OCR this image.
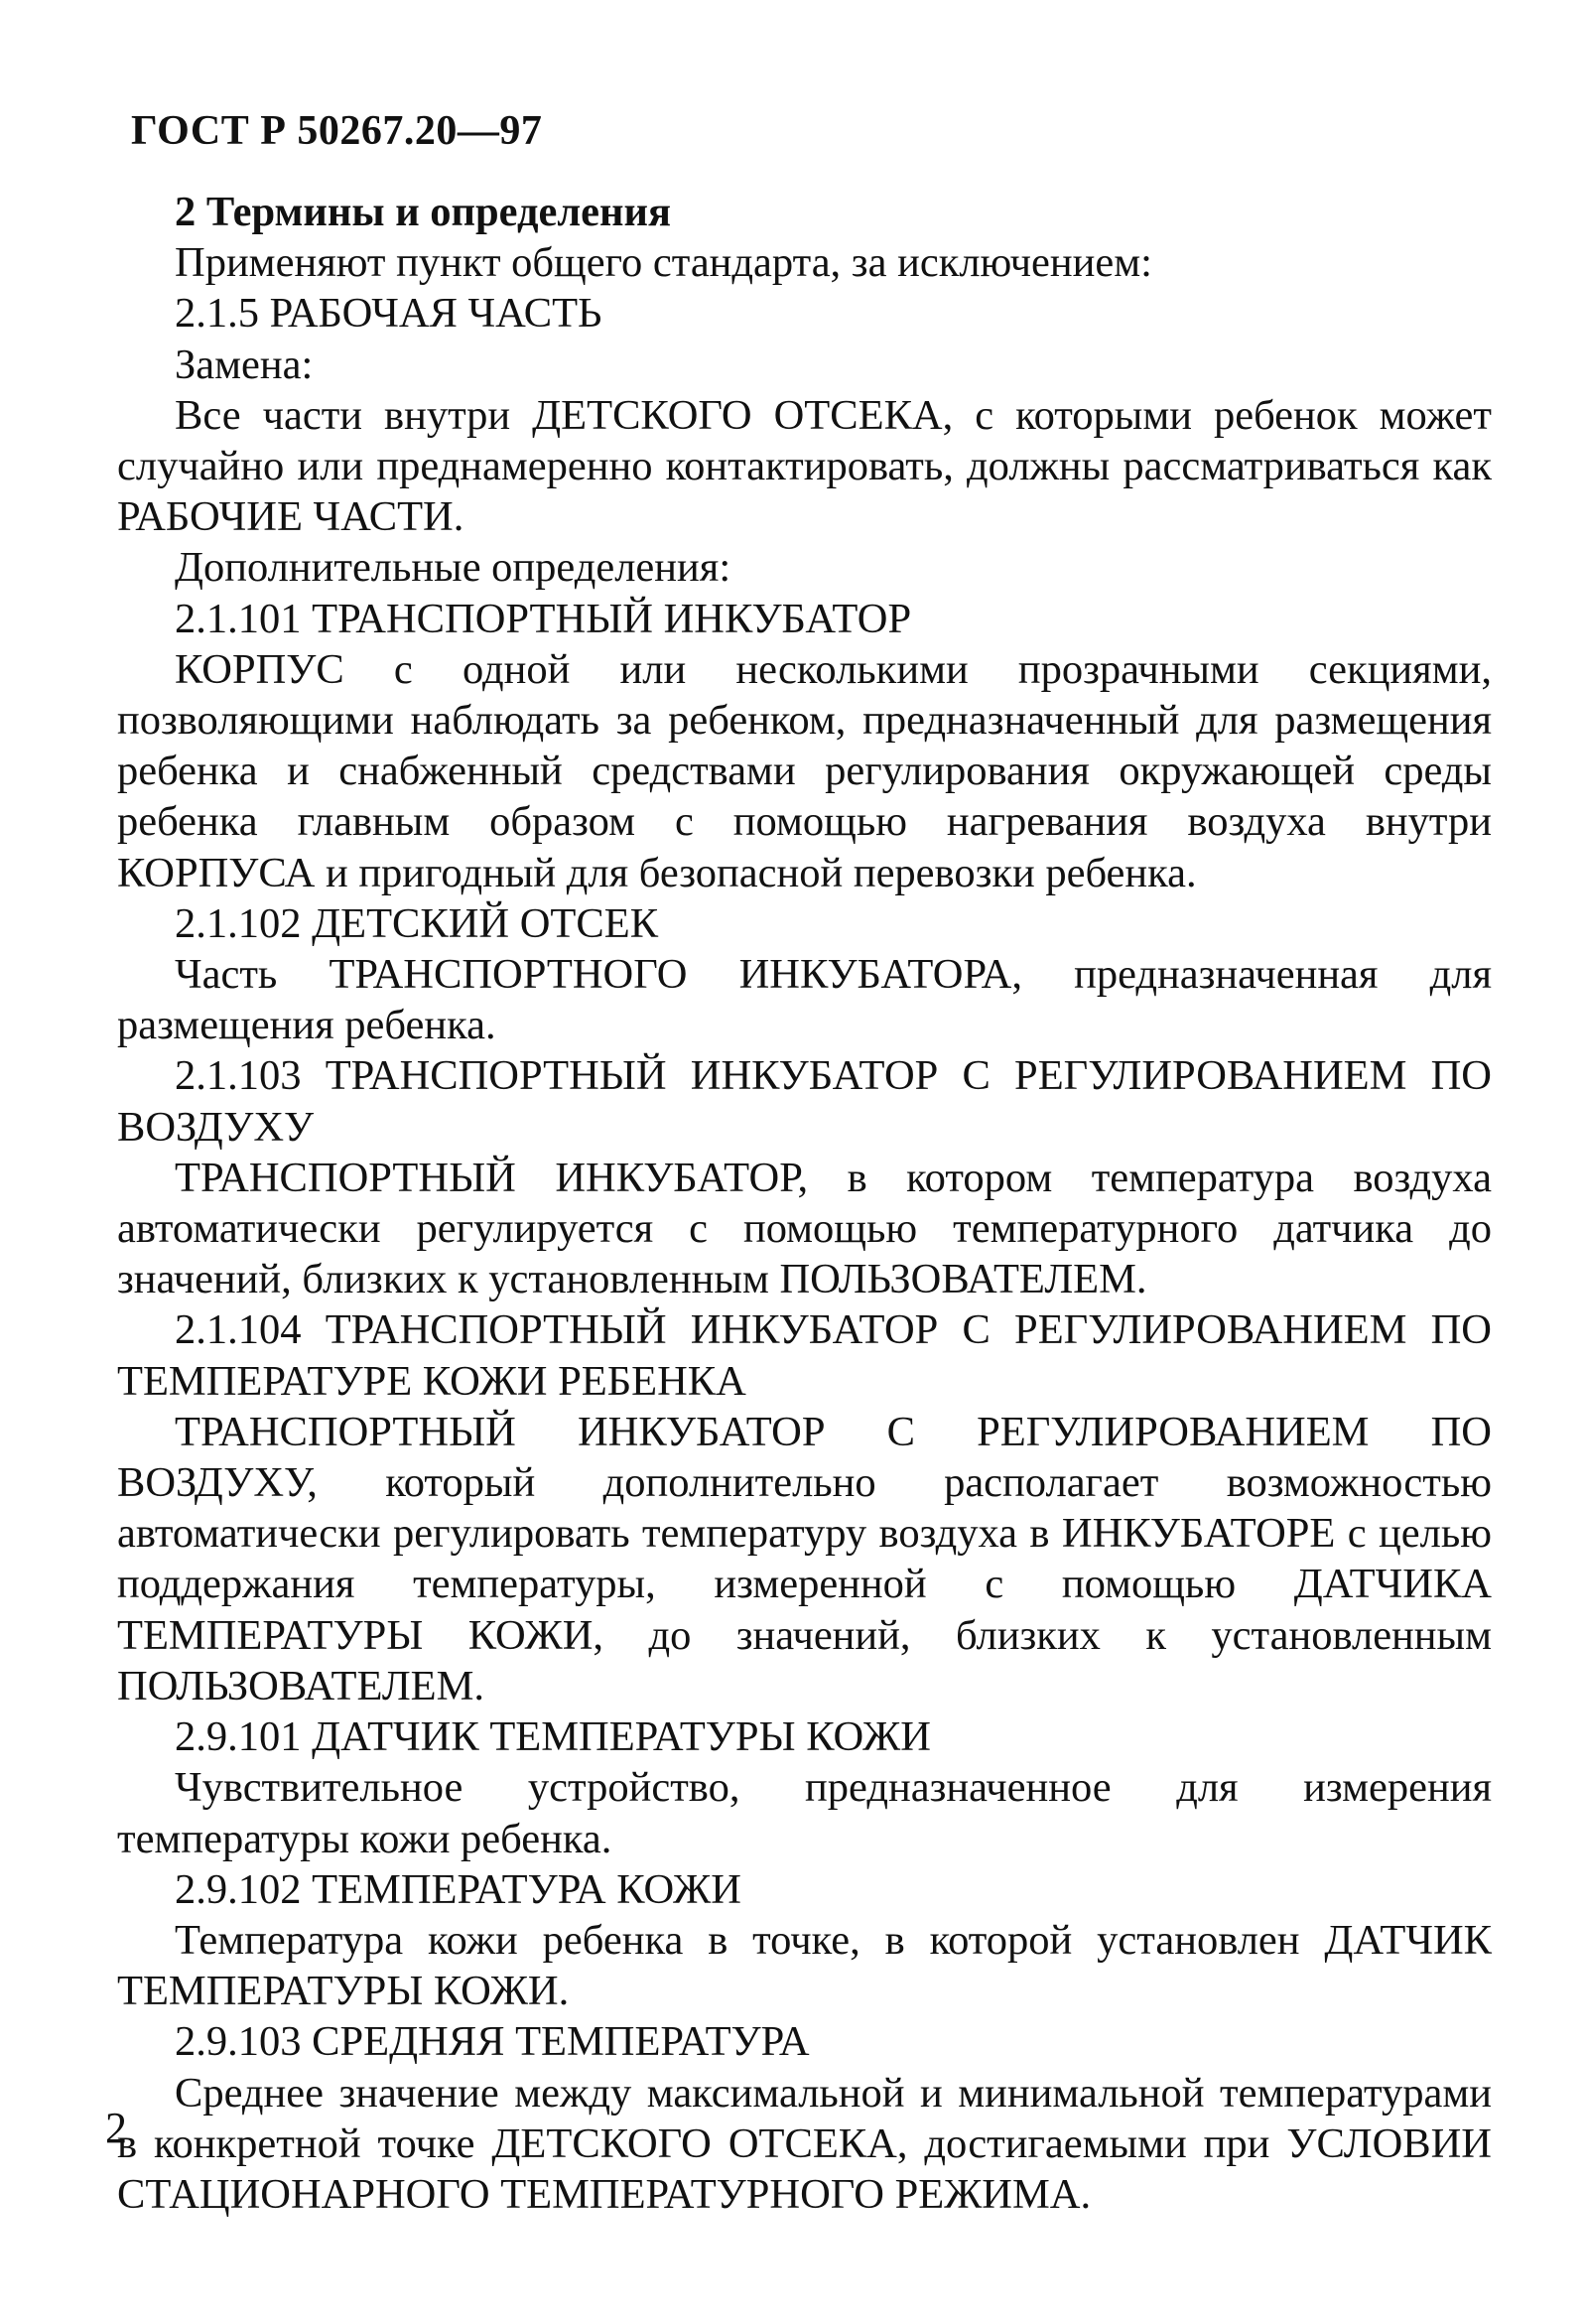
ГОСТ Р 50267.20—97

2 Термины и определения

Применяют пункт общего стандарта, за исключением:

2.1.5 РАБОЧАЯ ЧАСТЬ

Замена:

Все части внутри ДЕТСКОГО ОТСЕКА, с которыми ребенок может случайно или преднамеренно контактировать, должны рассматриваться как РАБОЧИЕ ЧАСТИ.

Дополнительные определения:

2.1.101 ТРАНСПОРТНЫЙ ИНКУБАТОР

КОРПУС с одной или несколькими прозрачными секциями, позволяющими наблюдать за ребенком, предназначенный для размещения ребенка и снабженный средствами регулирования окружающей среды ребенка главным образом с помощью нагревания воздуха внутри КОРПУСА и пригодный для безопасной перевозки ребенка.

2.1.102 ДЕТСКИЙ ОТСЕК

Часть ТРАНСПОРТНОГО ИНКУБАТОРА, предназначенная для размещения ребенка.

2.1.103 ТРАНСПОРТНЫЙ ИНКУБАТОР С РЕГУЛИРОВАНИЕМ ПО ВОЗДУХУ

ТРАНСПОРТНЫЙ ИНКУБАТОР, в котором температура воздуха автоматически регулируется с помощью температурного датчика до значений, близких к установленным ПОЛЬЗОВАТЕЛЕМ.

2.1.104 ТРАНСПОРТНЫЙ ИНКУБАТОР С РЕГУЛИРОВАНИЕМ ПО ТЕМПЕРАТУРЕ КОЖИ РЕБЕНКА

ТРАНСПОРТНЫЙ ИНКУБАТОР С РЕГУЛИРОВАНИЕМ ПО ВОЗДУХУ, который дополнительно располагает возможностью автоматически регулировать температуру воздуха в ИНКУБАТОРЕ с целью поддержания температуры, измеренной с помощью ДАТЧИКА ТЕМПЕРАТУРЫ КОЖИ, до значений, близких к установленным ПОЛЬЗОВАТЕЛЕМ.

2.9.101 ДАТЧИК ТЕМПЕРАТУРЫ КОЖИ

Чувствительное устройство, предназначенное для измерения температуры кожи ребенка.

2.9.102 ТЕМПЕРАТУРА КОЖИ

Температура кожи ребенка в точке, в которой установлен ДАТЧИК ТЕМПЕРАТУРЫ КОЖИ.

2.9.103 СРЕДНЯЯ ТЕМПЕРАТУРА

Среднее значение между максимальной и минимальной температурами в конкретной точке ДЕТСКОГО ОТСЕКА, достигаемыми при УСЛОВИИ СТАЦИОНАРНОГО ТЕМПЕРАТУРНОГО РЕЖИМА.

2
